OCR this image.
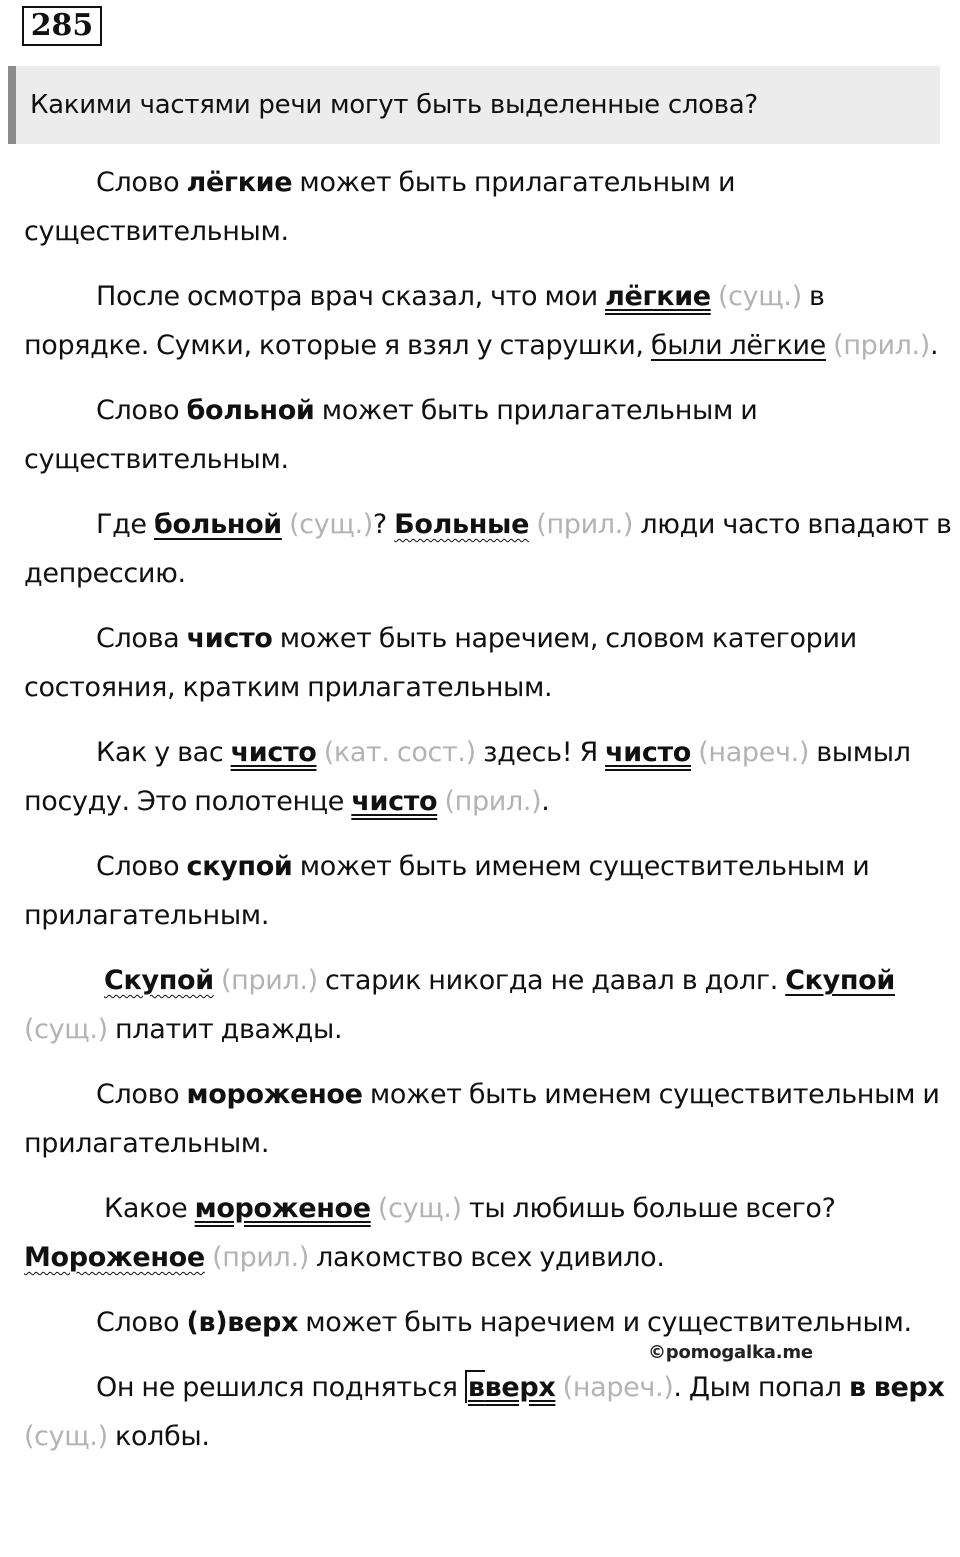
285
Какими частями речи могут быть выделенные слова?

Слово лёгкие может быть прилагательным и существительным.

После осмотра врач сказал, что мои лёгкие (сущ.) в порядке. Сумки, которые я взял у старушки, были лёгкие (прил.).

Слово больной может быть прилагательным и существительным.

Где больной (сущ.)? Больные (прил.) люди часто впадают в депрессию.

Слова чисто может быть наречием, словом категории состояния, кратким прилагательным.

Как у вас чисто (кат. сост.) здесь! Я чисто (нареч.) вымыл посуду. Это полотенце чисто (прил.).

Слово скупой может быть именем существительным и прилагательным.

Скупой (прил.) старик никогда не давал в долг. Скупой (сущ.) платит дважды.

Слово мороженое может быть именем существительным и прилагательным.

Какое мороженое (сущ.) ты любишь больше всего? Мороженое (прил.) лакомство всех удивило.

Слово (в)верх может быть наречием и существительным.

Он не решился подняться вверх (нареч.). Дым попал в верх (сущ.) колбы.

©pomogalka.me
